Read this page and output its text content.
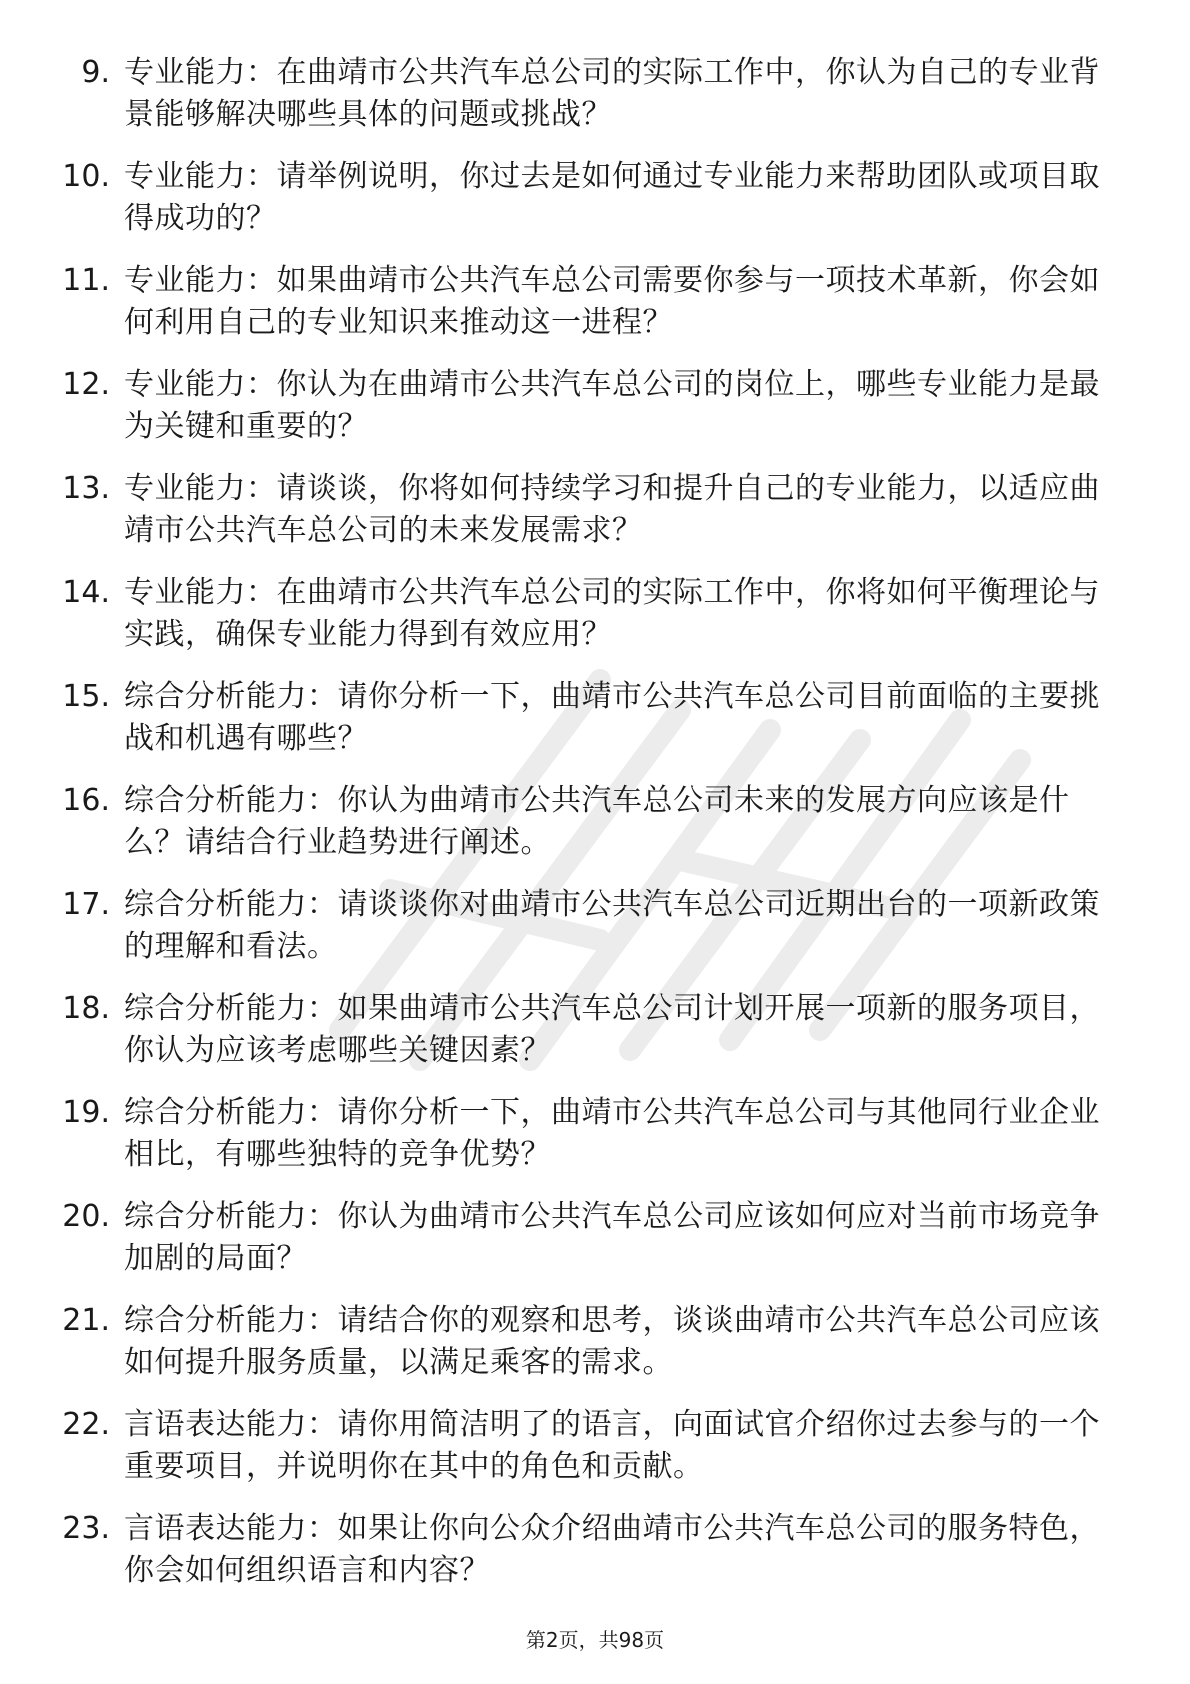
9. 专业能力：在曲靖市公共汽车总公司的实际工作中，你认为自己的专业背景能够解决哪些具体的问题或挑战？
10. 专业能力：请举例说明，你过去是如何通过专业能力来帮助团队或项目取得成功的？
11. 专业能力：如果曲靖市公共汽车总公司需要你参与一项技术革新，你会如何利用自己的专业知识来推动这一进程？
12. 专业能力：你认为在曲靖市公共汽车总公司的岗位上，哪些专业能力是最为关键和重要的？
13. 专业能力：请谈谈，你将如何持续学习和提升自己的专业能力，以适应曲靖市公共汽车总公司的未来发展需求？
14. 专业能力：在曲靖市公共汽车总公司的实际工作中，你将如何平衡理论与实践，确保专业能力得到有效应用？
15. 综合分析能力：请你分析一下，曲靖市公共汽车总公司目前面临的主要挑战和机遇有哪些？
16. 综合分析能力：你认为曲靖市公共汽车总公司未来的发展方向应该是什么？请结合行业趋势进行阐述。
17. 综合分析能力：请谈谈你对曲靖市公共汽车总公司近期出台的一项新政策的理解和看法。
18. 综合分析能力：如果曲靖市公共汽车总公司计划开展一项新的服务项目，你认为应该考虑哪些关键因素？
19. 综合分析能力：请你分析一下，曲靖市公共汽车总公司与其他同行业企业相比，有哪些独特的竞争优势？
20. 综合分析能力：你认为曲靖市公共汽车总公司应该如何应对当前市场竞争加剧的局面？
21. 综合分析能力：请结合你的观察和思考，谈谈曲靖市公共汽车总公司应该如何提升服务质量，以满足乘客的需求。
22. 言语表达能力：请你用简洁明了的语言，向面试官介绍你过去参与的一个重要项目，并说明你在其中的角色和贡献。
23. 言语表达能力：如果让你向公众介绍曲靖市公共汽车总公司的服务特色，你会如何组织语言和内容？
第2页，共98页
